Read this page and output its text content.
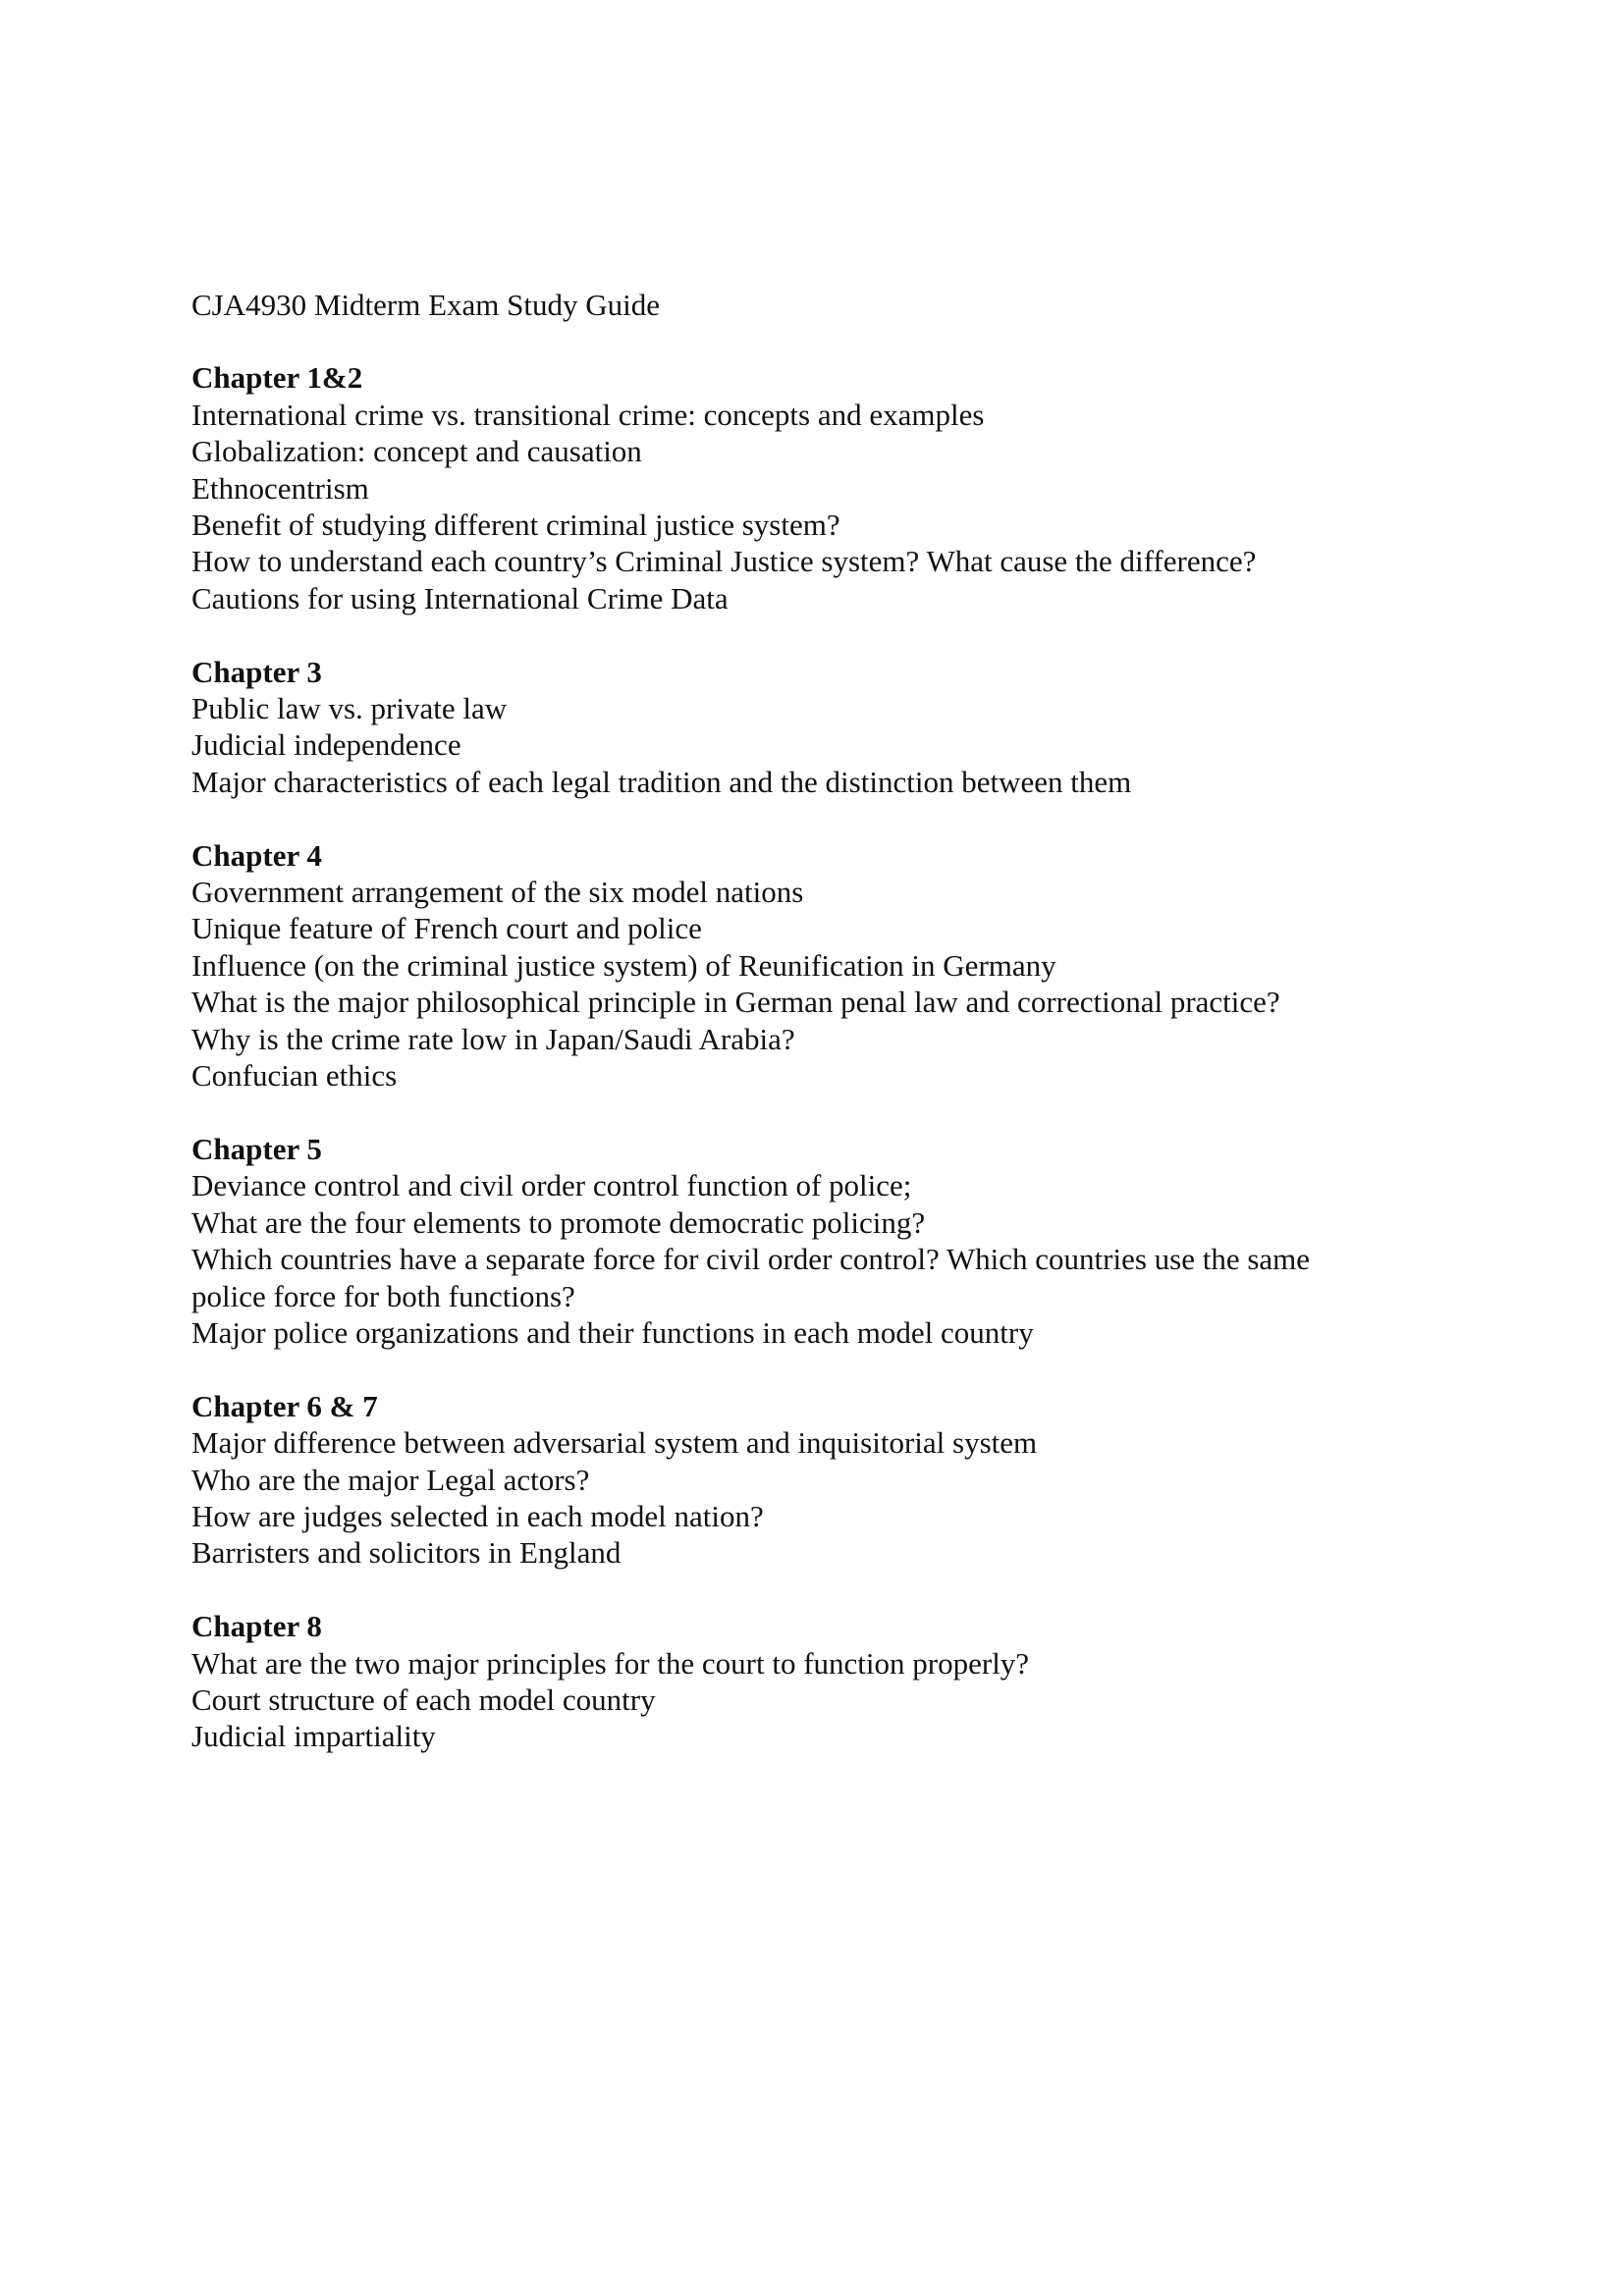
CJA4930 Midterm Exam Study Guide
Chapter 1&2
International crime vs. transitional crime: concepts and examples
Globalization: concept and causation
Ethnocentrism
Benefit of studying different criminal justice system?
How to understand each country’s Criminal Justice system? What cause the difference?
Cautions for using International Crime Data
Chapter 3
Public law vs. private law
Judicial independence
Major characteristics of each legal tradition and the distinction between them
Chapter 4
Government arrangement of the six model nations
Unique feature of French court and police
Influence (on the criminal justice system) of Reunification in Germany
What is the major philosophical principle in German penal law and correctional practice?
Why is the crime rate low in Japan/Saudi Arabia?
Confucian ethics
Chapter 5
Deviance control and civil order control function of police;
What are the four elements to promote democratic policing?
Which countries have a separate force for civil order control? Which countries use the same
police force for both functions?
Major police organizations and their functions in each model country
Chapter 6 & 7
Major difference between adversarial system and inquisitorial system
Who are the major Legal actors?
How are judges selected in each model nation?
Barristers and solicitors in England
Chapter 8
What are the two major principles for the court to function properly?
Court structure of each model country
Judicial impartiality
